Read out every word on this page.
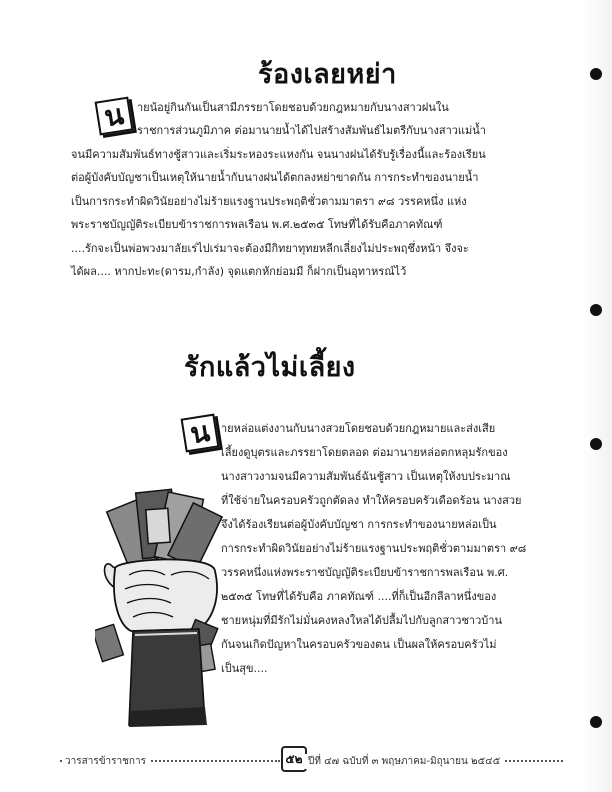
ร้องเลยหย่า
น	ายน้อยู่กินกันเป็นสามีภรรยาโดยชอบด้วยกฎหมายกับนางสาวฝนใน
ราชการส่วนภูมิภาค ต่อมานายน้ำได้ไปสร้างสัมพันธ์ไมตรีกับนางสาวแม่น้ำ
จนมีความสัมพันธ์ทางชู้สาวและเริ่มระหองระแหงกัน จนนางฝนได้รับรู้เรื่องนี้และร้องเรียน
ต่อผู้บังคับบัญชาเป็นเหตุให้นายน้ำกับนางฝนได้ตกลงหย่าขาดกัน การกระทำของนายน้ำ
เป็นการกระทำผิดวินัยอย่างไม่ร้ายแรงฐานประพฤติชั่วตามมาตรา ๙๘ วรรคหนึ่ง แห่ง
พระราชบัญญัติระเบียบข้าราชการพลเรือน พ.ศ.๒๕๓๕ โทษที่ได้รับคือภาคทัณฑ์
....รักจะเป็นพ่อพวงมาลัยเร่ไปเร่มาจะต้องมีกิทยาทุทยหลีกเลี่ยงไม่ประพฤชึ่งหน้า จึงจะ
ได้ผล.... หากปะทะ(ดารม,กำลัง) จุดแตกหักย่อมมี ก็ฝากเป็นอุทาหรณ์ไว้
รักแล้วไม่เลี้ยง
น ายหล่อแต่งงานกับนางสวยโดยชอบด้วยกฎหมายและส่งเสีย
เลี้ยงดูบุตรและภรรยาโดยตลอด ต่อมานายหล่อตกหลุมรักของ
นางสาวงามจนมีความสัมพันธ์ฉันชู้สาว เป็นเหตุให้งบประมาณ
ที่ใช้จ่ายในครอบครัวถูกตัดลง ทำให้ครอบครัวเดือดร้อน นางสวย
จึงได้ร้องเรียนต่อผู้บังคับบัญชา การกระทำของนายหล่อเป็น
การกระทำผิดวินัยอย่างไม่ร้ายแรงฐานประพฤติชั่วตามมาตรา ๙๘
วรรคหนึ่งแห่งพระราชบัญญัติระเบียบข้าราชการพลเรือน พ.ศ.
๒๕๓๕ โทษที่ได้รับคือ ภาคทัณฑ์ ....ที่ก็เป็นอีกลีลาหนึ่งของ
ชายหนุ่มที่มีรักไม่มั่นคงหลงใหลได้ปลื้มไปกับลูกสาวชาวบ้าน
กันจนเกิดปัญหาในครอบครัวของตน เป็นผลให้ครอบครัวไม่
เป็นสุข....
วารสารข้าราชการ	๕๒ ปีที่ ๔๗ ฉบับที่ ๓ พฤษภาคม-มิถุนายน ๒๕๔๕
